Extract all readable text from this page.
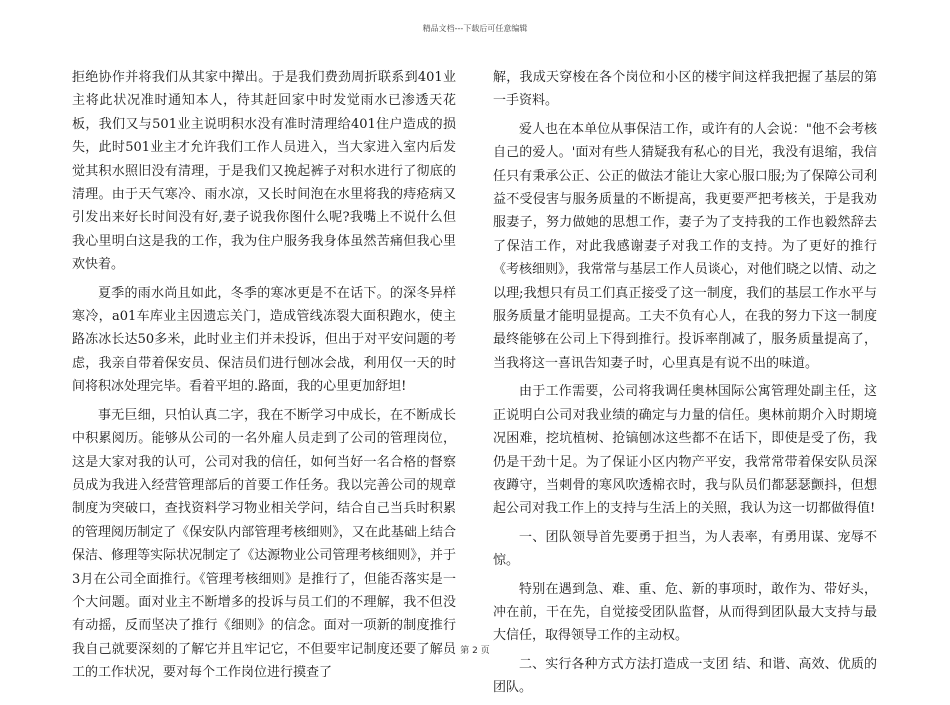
精品文档---下载后可任意编辑

拒绝协作并将我们从其家中撵出。于是我们费劲周折联系到401业主将此状况准时通知本人，待其赶回家中时发觉雨水已渗透天花板，我们又与501业主说明积水没有准时清理给401住户造成的损失，此时501业主才允许我们工作人员进入，当大家进入室内后发觉其积水照旧没有清理，于是我们又挽起裤子对积水进行了彻底的清理。由于天气寒冷、雨水凉，又长时间泡在水里将我的痔疮病又引发出来好长时间没有好,妻子说我你图什么呢?我嘴上不说什么但我心里明白这是我的工作，我为住户服务我身体虽然苦痛但我心里欢快着。

夏季的雨水尚且如此，冬季的寒冰更是不在话下。的深冬异样寒冷，a01车库业主因遗忘关门，造成管线冻裂大面积跑水，使主路冻冰长达50多米，此时业主们并未投诉，但出于对平安问题的考虑，我亲自带着保安员、保洁员们进行刨冰会战，利用仅一天的时间将积冰处理完毕。看着平坦的.路面，我的心里更加舒坦!

事无巨细，只怕认真二字，我在不断学习中成长，在不断成长中积累阅历。能够从公司的一名外雇人员走到了公司的管理岗位，这是大家对我的认可，公司对我的信任，如何当好一名合格的督察员成为我进入经营管理部后的首要工作任务。我以完善公司的规章制度为突破口，查找资料学习物业相关学问，结合自己当兵时积累的管理阅历制定了《保安队内部管理考核细则》，又在此基础上结合保洁、修理等实际状况制定了《达源物业公司管理考核细则》，并于3月在公司全面推行。《管理考核细则》是推行了，但能否落实是一个大问题。面对业主不断增多的投诉与员工们的不理解，我不但没有动摇，反而坚决了推行《细则》的信念。面对一项新的制度推行我自己就要深刻的了解它并且牢记它，不但要牢记制度还要了解员工的工作状况，要对每个工作岗位进行摸查了

解，我成天穿梭在各个岗位和小区的楼宇间这样我把握了基层的第一手资料。

爱人也在本单位从事保洁工作，或许有的人会说："他不会考核自己的爱人。'面对有些人猜疑我有私心的目光，我没有退缩，我信任只有秉承公正、公正的做法才能让大家心服口服;为了保障公司利益不受侵害与服务质量的不断提高，我更要严把考核关，于是我劝服妻子，努力做她的思想工作，妻子为了支持我的工作也毅然辞去了保洁工作，对此我感谢妻子对我工作的支持。为了更好的推行《考核细则》，我常常与基层工作人员谈心，对他们晓之以情、动之以理;我想只有员工们真正接受了这一制度，我们的基层工作水平与服务质量才能明显提高。工夫不负有心人，在我的努力下这一制度最终能够在公司上下得到推行。投诉率削减了，服务质量提高了，当我将这一喜讯告知妻子时，心里真是有说不出的味道。

由于工作需要，公司将我调任奥林国际公寓管理处副主任，这正说明白公司对我业绩的确定与力量的信任。奥林前期介入时期境况困难，挖坑植树、抢镐刨冰这些都不在话下，即使是受了伤，我仍是干劲十足。为了保证小区内物产平安，我常常带着保安队员深夜蹲守，当刺骨的寒风吹透棉衣时，我与队员们都瑟瑟颤抖，但想起公司对我工作上的支持与生活上的关照，我认为这一切都做得值!

一、团队领导首先要勇于担当，为人表率，有勇用谋、宠辱不惊。

特别在遇到急、难、重、危、新的事项时，敢作为、带好头，冲在前，干在先，自觉接受团队监督，从而得到团队最大支持与最大信任，取得领导工作的主动权。

二、实行各种方式方法打造成一支团 结、和谐、高效、优质的团队。

第 2 页
